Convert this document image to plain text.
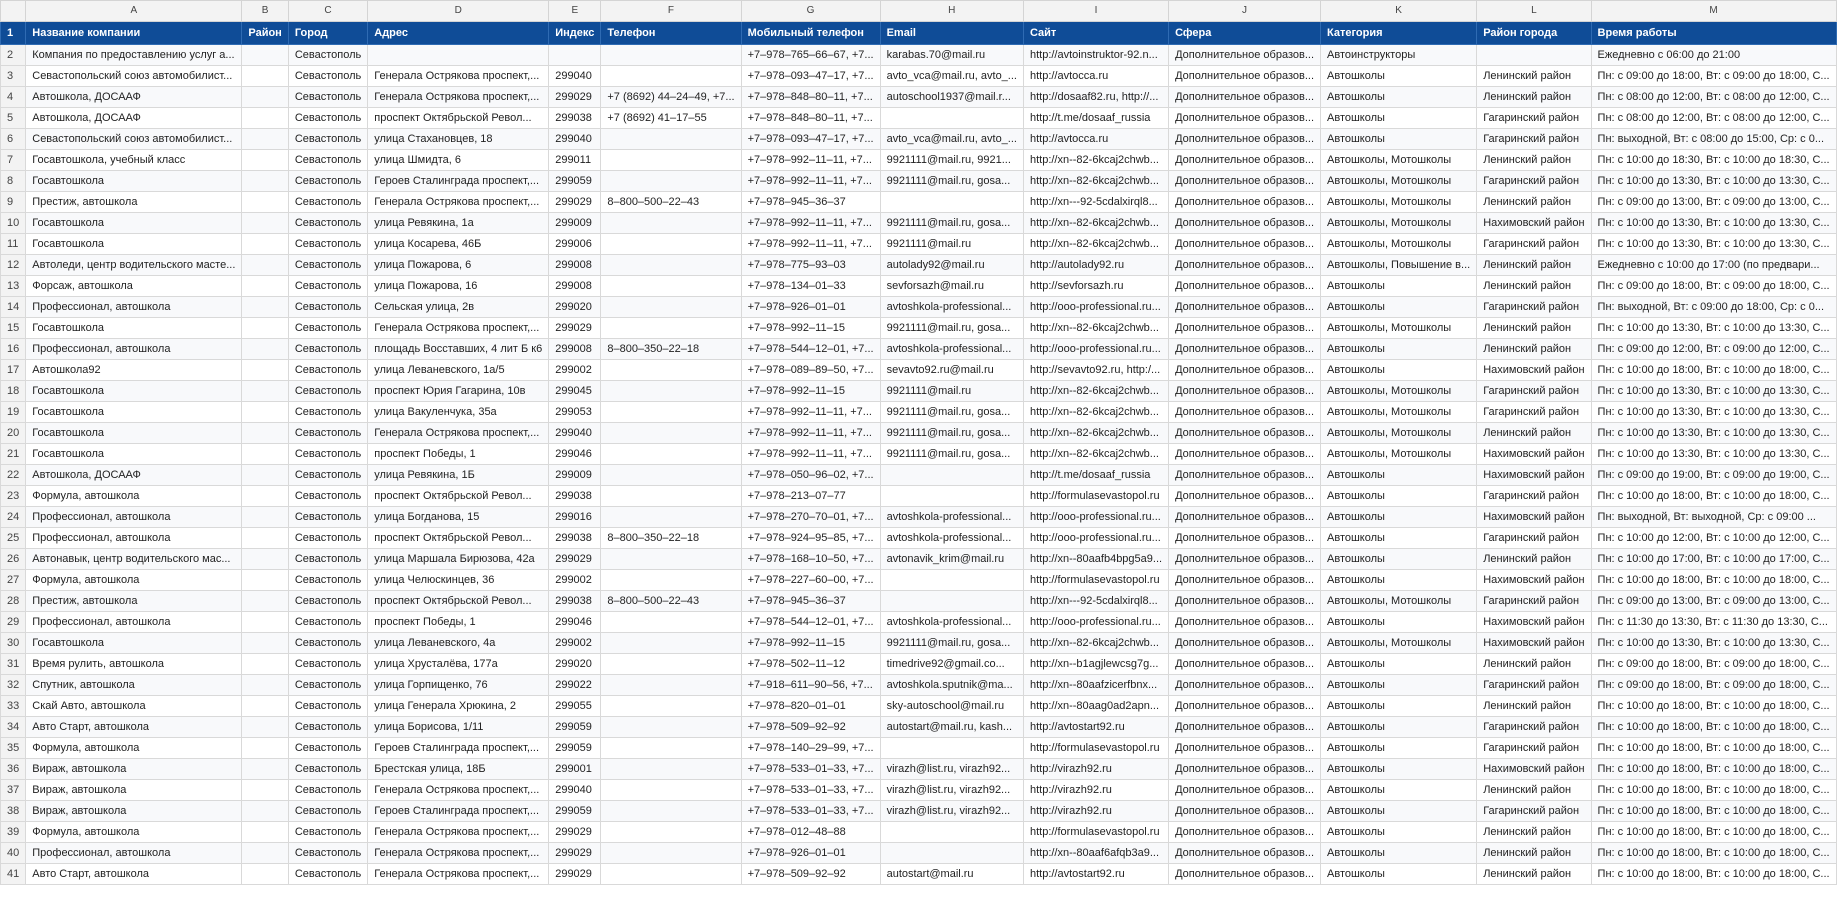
	A	B	C	D	E	F	G	H	I	J	K	L	M
1	Название компании	Район	Город	Адрес	Индекс	Телефон	Мобильный телефон	Email	Сайт	Сфера	Категория	Район города	Время работы
2	Компания по предоставлению услуг а...		Севастополь				+7‒978‒765‒66‒67, +7...	karabas.70@mail.ru	http://avtoinstruktor-92.n...	Дополнительное образов...	Автоинструкторы		Ежедневно с 06:00 до 21:00
3	Севастопольский союз автомобилист...		Севастополь	Генерала Острякова проспект,...	299040		+7‒978‒093‒47‒17, +7...	avto_vca@mail.ru, avto_...	http://avtocca.ru	Дополнительное образов...	Автошколы	Ленинский район	Пн: с 09:00 до 18:00, Вт: с 09:00 до 18:00, С...
4	Автошкола, ДОСААФ		Севастополь	Генерала Острякова проспект,...	299029	+7 (8692) 44‒24‒49, +7...	+7‒978‒848‒80‒11, +7...	autoschool1937@mail.r...	http://dosaaf82.ru, http://...	Дополнительное образов...	Автошколы	Ленинский район	Пн: с 08:00 до 12:00, Вт: с 08:00 до 12:00, С...
5	Автошкола, ДОСААФ		Севастополь	проспект Октябрьской Револ...	299038	+7 (8692) 41‒17‒55	+7‒978‒848‒80‒11, +7...		http://t.me/dosaaf_russia	Дополнительное образов...	Автошколы	Гагаринский район	Пн: с 08:00 до 12:00, Вт: с 08:00 до 12:00, С...
6	Севастопольский союз автомобилист...		Севастополь	улица Стахановцев, 18	299040		+7‒978‒093‒47‒17, +7...	avto_vca@mail.ru, avto_...	http://avtocca.ru	Дополнительное образов...	Автошколы	Гагаринский район	Пн: выходной, Вт: с 08:00 до 15:00, Ср: с 0...
7	Госавтошкола, учебный класс		Севастополь	улица Шмидта, 6	299011		+7‒978‒992‒11‒11, +7...	9921111@mail.ru, 9921...	http://xn--82-6kcaj2chwb...	Дополнительное образов...	Автошколы, Мотошколы	Ленинский район	Пн: с 10:00 до 18:30, Вт: с 10:00 до 18:30, С...
8	Госавтошкола		Севастополь	Героев Сталинграда проспект,...	299059		+7‒978‒992‒11‒11, +7...	9921111@mail.ru, gosa...	http://xn--82-6kcaj2chwb...	Дополнительное образов...	Автошколы, Мотошколы	Гагаринский район	Пн: с 10:00 до 13:30, Вт: с 10:00 до 13:30, С...
9	Престиж, автошкола		Севастополь	Генерала Острякова проспект,...	299029	8‒800‒500‒22‒43	+7‒978‒945‒36‒37		http://xn---92-5cdalxirql8...	Дополнительное образов...	Автошколы, Мотошколы	Ленинский район	Пн: с 09:00 до 13:00, Вт: с 09:00 до 13:00, С...
10	Госавтошкола		Севастополь	улица Ревякина, 1а	299009		+7‒978‒992‒11‒11, +7...	9921111@mail.ru, gosa...	http://xn--82-6kcaj2chwb...	Дополнительное образов...	Автошколы, Мотошколы	Нахимовский район	Пн: с 10:00 до 13:30, Вт: с 10:00 до 13:30, С...
11	Госавтошкола		Севастополь	улица Косарева, 46Б	299006		+7‒978‒992‒11‒11, +7...	9921111@mail.ru	http://xn--82-6kcaj2chwb...	Дополнительное образов...	Автошколы, Мотошколы	Гагаринский район	Пн: с 10:00 до 13:30, Вт: с 10:00 до 13:30, С...
12	Автоледи, центр водительского масте...		Севастополь	улица Пожарова, 6	299008		+7‒978‒775‒93‒03	autolady92@mail.ru	http://autolady92.ru	Дополнительное образов...	Автошколы, Повышение в...	Ленинский район	Ежедневно с 10:00 до 17:00 (по предвари...
13	Форсаж, автошкола		Севастополь	улица Пожарова, 16	299008		+7‒978‒134‒01‒33	sevforsazh@mail.ru	http://sevforsazh.ru	Дополнительное образов...	Автошколы	Ленинский район	Пн: с 09:00 до 18:00, Вт: с 09:00 до 18:00, С...
14	Профессионал, автошкола		Севастополь	Сельская улица, 2в	299020		+7‒978‒926‒01‒01	avtoshkola-professional...	http://ooo-professional.ru...	Дополнительное образов...	Автошколы	Гагаринский район	Пн: выходной, Вт: с 09:00 до 18:00, Ср: с 0...
15	Госавтошкола		Севастополь	Генерала Острякова проспект,...	299029		+7‒978‒992‒11‒15	9921111@mail.ru, gosa...	http://xn--82-6kcaj2chwb...	Дополнительное образов...	Автошколы, Мотошколы	Ленинский район	Пн: с 10:00 до 13:30, Вт: с 10:00 до 13:30, С...
16	Профессионал, автошкола		Севастополь	площадь Восставших, 4 лит Б к6	299008	8‒800‒350‒22‒18	+7‒978‒544‒12‒01, +7...	avtoshkola-professional...	http://ooo-professional.ru...	Дополнительное образов...	Автошколы	Ленинский район	Пн: с 09:00 до 12:00, Вт: с 09:00 до 12:00, С...
17	Автошкола92		Севастополь	улица Леваневского, 1а/5	299002		+7‒978‒089‒89‒50, +7...	sevavto92.ru@mail.ru	http://sevavto92.ru, http:/...	Дополнительное образов...	Автошколы	Нахимовский район	Пн: с 10:00 до 18:00, Вт: с 10:00 до 18:00, С...
18	Госавтошкола		Севастополь	проспект Юрия Гагарина, 10в	299045		+7‒978‒992‒11‒15	9921111@mail.ru	http://xn--82-6kcaj2chwb...	Дополнительное образов...	Автошколы, Мотошколы	Гагаринский район	Пн: с 10:00 до 13:30, Вт: с 10:00 до 13:30, С...
19	Госавтошкола		Севастополь	улица Вакуленчука, 35а	299053		+7‒978‒992‒11‒11, +7...	9921111@mail.ru, gosa...	http://xn--82-6kcaj2chwb...	Дополнительное образов...	Автошколы, Мотошколы	Гагаринский район	Пн: с 10:00 до 13:30, Вт: с 10:00 до 13:30, С...
20	Госавтошкола		Севастополь	Генерала Острякова проспект,...	299040		+7‒978‒992‒11‒11, +7...	9921111@mail.ru, gosa...	http://xn--82-6kcaj2chwb...	Дополнительное образов...	Автошколы, Мотошколы	Ленинский район	Пн: с 10:00 до 13:30, Вт: с 10:00 до 13:30, С...
21	Госавтошкола		Севастополь	проспект Победы, 1	299046		+7‒978‒992‒11‒11, +7...	9921111@mail.ru, gosa...	http://xn--82-6kcaj2chwb...	Дополнительное образов...	Автошколы, Мотошколы	Нахимовский район	Пн: с 10:00 до 13:30, Вт: с 10:00 до 13:30, С...
22	Автошкола, ДОСААФ		Севастополь	улица Ревякина, 1Б	299009		+7‒978‒050‒96‒02, +7...		http://t.me/dosaaf_russia	Дополнительное образов...	Автошколы	Нахимовский район	Пн: с 09:00 до 19:00, Вт: с 09:00 до 19:00, С...
23	Формула, автошкола		Севастополь	проспект Октябрьской Револ...	299038		+7‒978‒213‒07‒77		http://formulasevastopol.ru	Дополнительное образов...	Автошколы	Гагаринский район	Пн: с 10:00 до 18:00, Вт: с 10:00 до 18:00, С...
24	Профессионал, автошкола		Севастополь	улица Богданова, 15	299016		+7‒978‒270‒70‒01, +7...	avtoshkola-professional...	http://ooo-professional.ru...	Дополнительное образов...	Автошколы	Нахимовский район	Пн: выходной, Вт: выходной, Ср: с 09:00 ...
25	Профессионал, автошкола		Севастополь	проспект Октябрьской Револ...	299038	8‒800‒350‒22‒18	+7‒978‒924‒95‒85, +7...	avtoshkola-professional...	http://ooo-professional.ru...	Дополнительное образов...	Автошколы	Гагаринский район	Пн: с 10:00 до 12:00, Вт: с 10:00 до 12:00, С...
26	Автонавык, центр водительского мас...		Севастополь	улица Маршала Бирюзова, 42а	299029		+7‒978‒168‒10‒50, +7...	avtonavik_krim@mail.ru	http://xn--80aafb4bpg5a9...	Дополнительное образов...	Автошколы	Ленинский район	Пн: с 10:00 до 17:00, Вт: с 10:00 до 17:00, С...
27	Формула, автошкола		Севастополь	улица Челюскинцев, 36	299002		+7‒978‒227‒60‒00, +7...		http://formulasevastopol.ru	Дополнительное образов...	Автошколы	Нахимовский район	Пн: с 10:00 до 18:00, Вт: с 10:00 до 18:00, С...
28	Престиж, автошкола		Севастополь	проспект Октябрьской Револ...	299038	8‒800‒500‒22‒43	+7‒978‒945‒36‒37		http://xn---92-5cdalxirql8...	Дополнительное образов...	Автошколы, Мотошколы	Гагаринский район	Пн: с 09:00 до 13:00, Вт: с 09:00 до 13:00, С...
29	Профессионал, автошкола		Севастополь	проспект Победы, 1	299046		+7‒978‒544‒12‒01, +7...	avtoshkola-professional...	http://ooo-professional.ru...	Дополнительное образов...	Автошколы	Нахимовский район	Пн: с 11:30 до 13:30, Вт: с 11:30 до 13:30, С...
30	Госавтошкола		Севастополь	улица Леваневского, 4а	299002		+7‒978‒992‒11‒15	9921111@mail.ru, gosa...	http://xn--82-6kcaj2chwb...	Дополнительное образов...	Автошколы, Мотошколы	Нахимовский район	Пн: с 10:00 до 13:30, Вт: с 10:00 до 13:30, С...
31	Время рулить, автошкола		Севастополь	улица Хрусталёва, 177а	299020		+7‒978‒502‒11‒12	timedrive92@gmail.co...	http://xn--b1agjlewcsg7g...	Дополнительное образов...	Автошколы	Ленинский район	Пн: с 09:00 до 18:00, Вт: с 09:00 до 18:00, С...
32	Спутник, автошкола		Севастополь	улица Горпищенко, 76	299022		+7‒918‒611‒90‒56, +7...	avtoshkola.sputnik@ma...	http://xn--80aafzicerfbnx...	Дополнительное образов...	Автошколы	Гагаринский район	Пн: с 09:00 до 18:00, Вт: с 09:00 до 18:00, С...
33	Скай Авто, автошкола		Севастополь	улица Генерала Хрюкина, 2	299055		+7‒978‒820‒01‒01	sky-autoschool@mail.ru	http://xn--80aag0ad2apn...	Дополнительное образов...	Автошколы	Ленинский район	Пн: с 10:00 до 18:00, Вт: с 10:00 до 18:00, С...
34	Авто Старт, автошкола		Севастополь	улица Борисова, 1/11	299059		+7‒978‒509‒92‒92	autostart@mail.ru, kash...	http://avtostart92.ru	Дополнительное образов...	Автошколы	Гагаринский район	Пн: с 10:00 до 18:00, Вт: с 10:00 до 18:00, С...
35	Формула, автошкола		Севастополь	Героев Сталинграда проспект,...	299059		+7‒978‒140‒29‒99, +7...		http://formulasevastopol.ru	Дополнительное образов...	Автошколы	Гагаринский район	Пн: с 10:00 до 18:00, Вт: с 10:00 до 18:00, С...
36	Вираж, автошкола		Севастополь	Брестская улица, 18Б	299001		+7‒978‒533‒01‒33, +7...	virazh@list.ru, virazh92...	http://virazh92.ru	Дополнительное образов...	Автошколы	Нахимовский район	Пн: с 10:00 до 18:00, Вт: с 10:00 до 18:00, С...
37	Вираж, автошкола		Севастополь	Генерала Острякова проспект,...	299040		+7‒978‒533‒01‒33, +7...	virazh@list.ru, virazh92...	http://virazh92.ru	Дополнительное образов...	Автошколы	Ленинский район	Пн: с 10:00 до 18:00, Вт: с 10:00 до 18:00, С...
38	Вираж, автошкола		Севастополь	Героев Сталинграда проспект,...	299059		+7‒978‒533‒01‒33, +7...	virazh@list.ru, virazh92...	http://virazh92.ru	Дополнительное образов...	Автошколы	Гагаринский район	Пн: с 10:00 до 18:00, Вт: с 10:00 до 18:00, С...
39	Формула, автошкола		Севастополь	Генерала Острякова проспект,...	299029		+7‒978‒012‒48‒88		http://formulasevastopol.ru	Дополнительное образов...	Автошколы	Ленинский район	Пн: с 10:00 до 18:00, Вт: с 10:00 до 18:00, С...
40	Профессионал, автошкола		Севастополь	Генерала Острякова проспект,...	299029		+7‒978‒926‒01‒01		http://xn--80aaf6afqb3a9...	Дополнительное образов...	Автошколы	Ленинский район	Пн: с 10:00 до 18:00, Вт: с 10:00 до 18:00, С...
41	Авто Старт, автошкола		Севастополь	Генерала Острякова проспект,...	299029		+7‒978‒509‒92‒92	autostart@mail.ru	http://avtostart92.ru	Дополнительное образов...	Автошколы	Ленинский район	Пн: с 10:00 до 18:00, Вт: с 10:00 до 18:00, С...
